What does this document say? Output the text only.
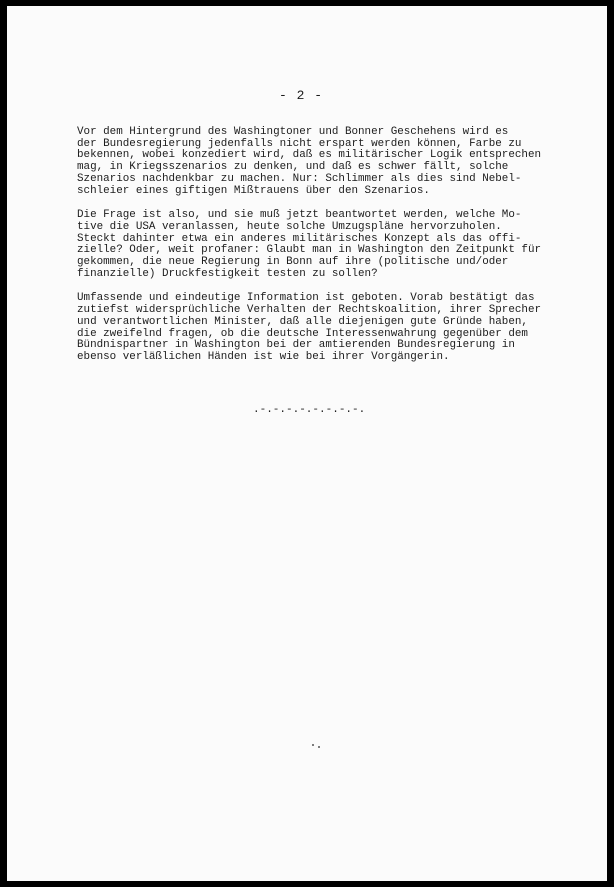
- 2 -
Vor dem Hintergrund des Washingtoner und Bonner Geschehens wird es
der Bundesregierung jedenfalls nicht erspart werden können, Farbe zu
bekennen, wobei konzediert wird, daß es militärischer Logik entsprechen
mag, in Kriegsszenarios zu denken, und daß es schwer fällt, solche
Szenarios nachdenkbar zu machen. Nur: Schlimmer als dies sind Nebel-
schleier eines giftigen Mißtrauens über den Szenarios.
Die Frage ist also, und sie muß jetzt beantwortet werden, welche Mo-
tive die USA veranlassen, heute solche Umzugspläne hervorzuholen.
Steckt dahinter etwa ein anderes militärisches Konzept als das offi-
zielle? Oder, weit profaner: Glaubt man in Washington den Zeitpunkt für
gekommen, die neue Regierung in Bonn auf ihre (politische und/oder
finanzielle) Druckfestigkeit testen zu sollen?
Umfassende und eindeutige Information ist geboten. Vorab bestätigt das
zutiefst widersprüchliche Verhalten der Rechtskoalition, ihrer Sprecher
und verantwortlichen Minister, daß alle diejenigen gute Gründe haben,
die zweifelnd fragen, ob die deutsche Interessenwahrung gegenüber dem
Bündnispartner in Washington bei der amtierenden Bundesregierung in
ebenso verläßlichen Händen ist wie bei ihrer Vorgängerin.
.-.-.-.-.-.-.-.-.
